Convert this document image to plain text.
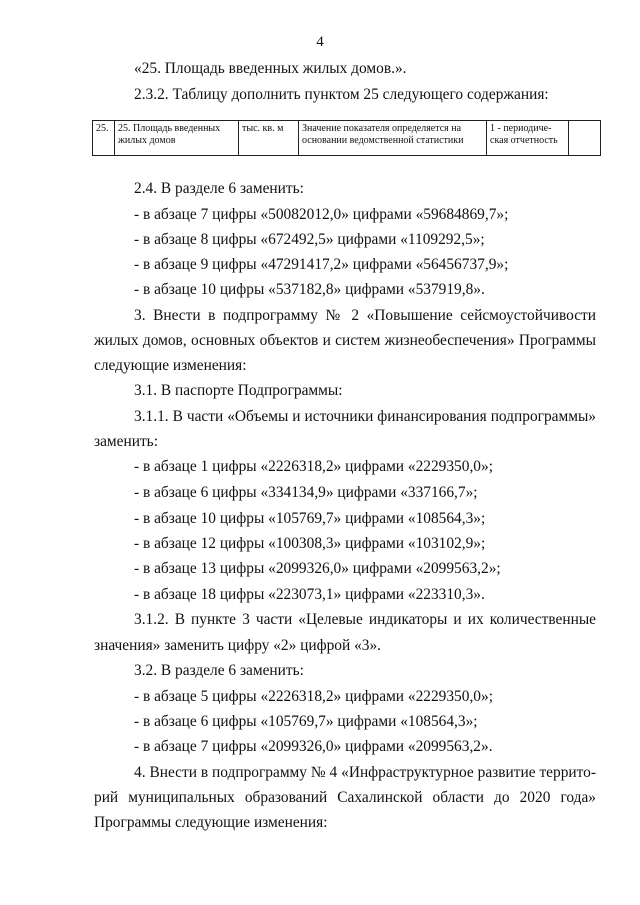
4

«25. Площадь введенных жилых домов.».

2.3.2. Таблицу дополнить пунктом 25 следующего содержания:

25.	25. Площадь введенных жилых домов	тыс. кв. м	Значение показателя определяется на основании ведомственной статистики	1 - периодиче-ская отчетность	

2.4. В разделе 6 заменить:

- в абзаце 7 цифры «50082012,0» цифрами «59684869,7»;

- в абзаце 8 цифры «672492,5» цифрами «1109292,5»;

- в абзаце 9 цифры «47291417,2» цифрами «56456737,9»;

- в абзаце 10 цифры «537182,8» цифрами «537919,8».

3. Внести в подпрограмму № 2 «Повышение сейсмоустойчивости

жилых домов, основных объектов и систем жизнеобеспечения» Программы

следующие изменения:

3.1. В паспорте Подпрограммы:

3.1.1. В части «Объемы и источники финансирования подпрограммы»

заменить:

- в абзаце 1 цифры «2226318,2» цифрами «2229350,0»;

- в абзаце 6 цифры «334134,9» цифрами «337166,7»;

- в абзаце 10 цифры «105769,7» цифрами «108564,3»;

- в абзаце 12 цифры «100308,3» цифрами «103102,9»;

- в абзаце 13 цифры «2099326,0» цифрами «2099563,2»;

- в абзаце 18 цифры «223073,1» цифрами «223310,3».

3.1.2. В пункте 3 части «Целевые индикаторы и их количественные

значения» заменить цифру «2» цифрой «3».

3.2. В разделе 6 заменить:

- в абзаце 5 цифры «2226318,2» цифрами «2229350,0»;

- в абзаце 6 цифры «105769,7» цифрами «108564,3»;

- в абзаце 7 цифры «2099326,0» цифрами «2099563,2».

4. Внести в подпрограмму № 4 «Инфраструктурное развитие террито-

рий муниципальных образований Сахалинской области до 2020 года»

Программы следующие изменения:
